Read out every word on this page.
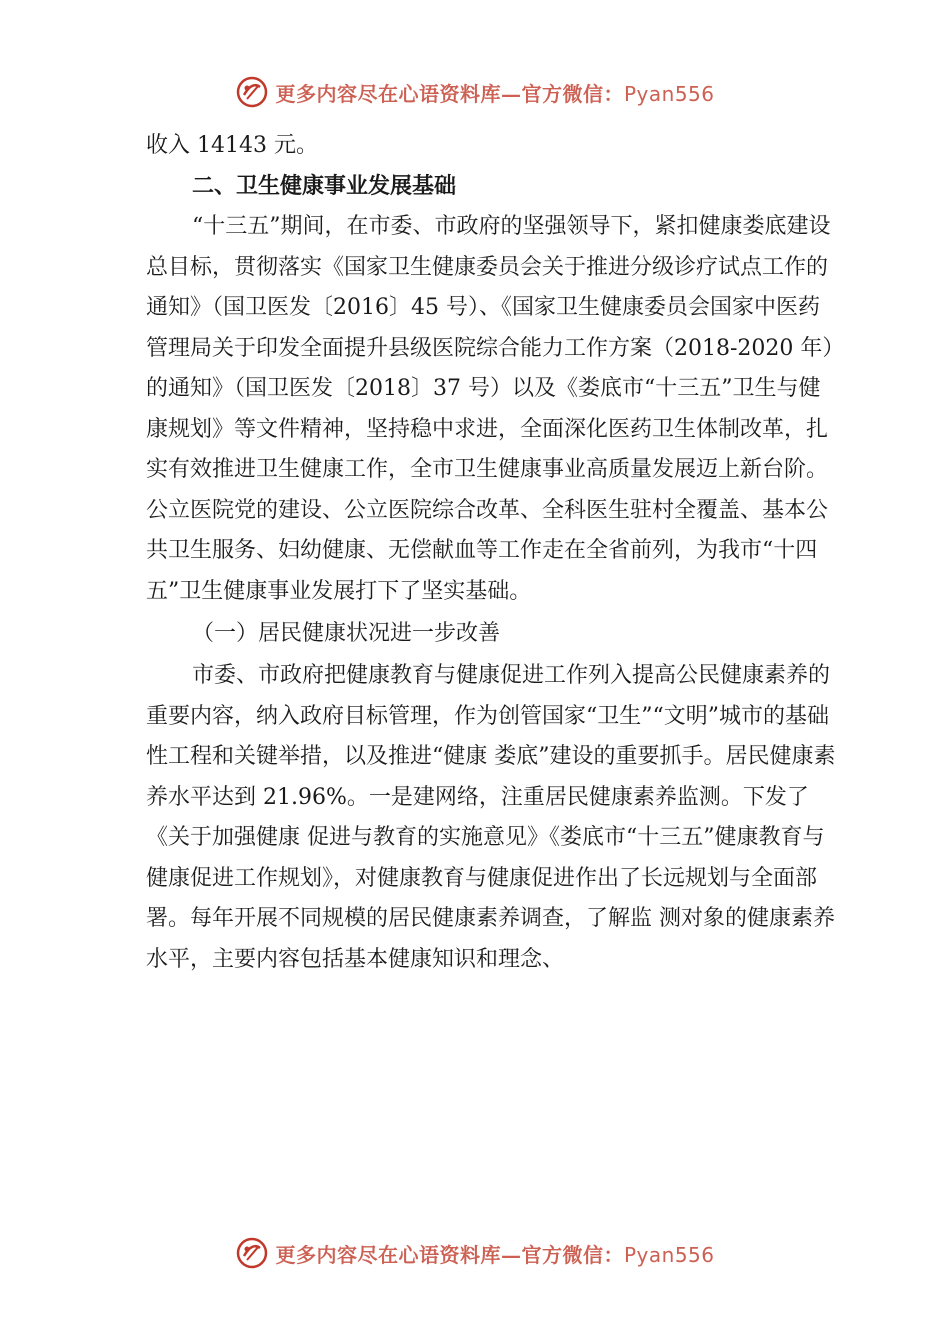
更多内容尽在心语资料库—官方微信：Pyan556

收入 14143 元。

二、卫生健康事业发展基础

“十三五”期间，在市委、市政府的坚强领导下，紧扣健康娄底建设总目标，贯彻落实《国家卫生健康委员会关于推进分级诊疗试点工作的通知》（国卫医发〔2016〕45 号）、《国家卫生健康委员会国家中医药管理局关于印发全面提升县级医院综合能力工作方案（2018-2020 年）的通知》（国卫医发〔2018〕37 号）以及《娄底市“十三五”卫生与健康规划》等文件精神，坚持稳中求进，全面深化医药卫生体制改革，扎实有效推进卫生健康工作，全市卫生健康事业高质量发展迈上新台阶。公立医院党的建设、公立医院综合改革、全科医生驻村全覆盖、基本公共卫生服务、妇幼健康、无偿献血等工作走在全省前列，为我市“十四五”卫生健康事业发展打下了坚实基础。

（一）居民健康状况进一步改善

市委、市政府把健康教育与健康促进工作列入提高公民健康素养的重要内容，纳入政府目标管理，作为创管国家“卫生”“文明”城市的基础性工程和关键举措，以及推进“健康 娄底”建设的重要抓手。居民健康素养水平达到 21.96%。一是建网络，注重居民健康素养监测。下发了《关于加强健康 促进与教育的实施意见》《娄底市“十三五”健康教育与健康促进工作规划》，对健康教育与健康促进作出了长远规划与全面部署。每年开展不同规模的居民健康素养调查，了解监 测对象的健康素养水平，主要内容包括基本健康知识和理念、

更多内容尽在心语资料库—官方微信：Pyan556
